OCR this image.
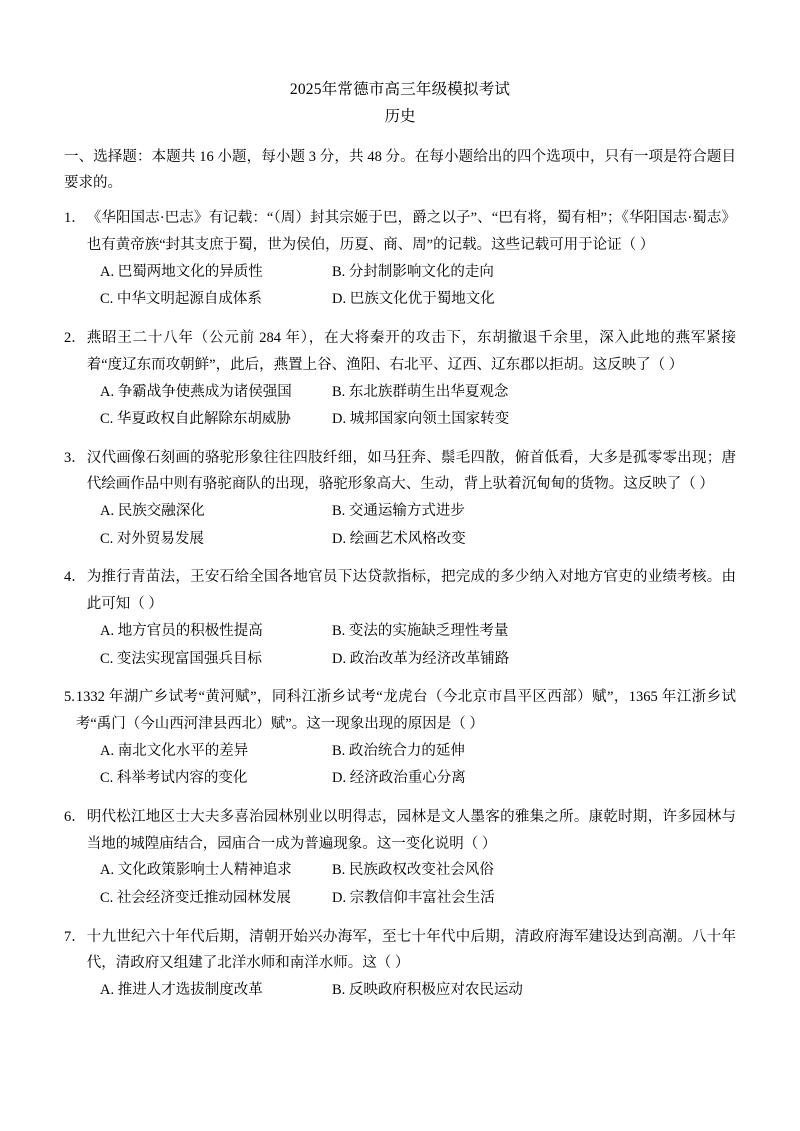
2025年常德市高三年级模拟考试
历史
一、选择题：本题共 16 小题，每小题 3 分，共 48 分。在每小题给出的四个选项中，只有一项是符合题目要求的。
1． 《华阳国志·巴志》有记载：“（周）封其宗姬于巴，爵之以子”、“巴有将，蜀有相”；《华阳国志·蜀志》也有黄帝族“封其支庶于蜀，世为侯伯，历夏、商、周”的记载。这些记载可用于论证（ ）
A. 巴蜀两地文化的异质性	B. 分封制影响文化的走向
C. 中华文明起源自成体系	D. 巴族文化优于蜀地文化
2． 燕昭王二十八年（公元前 284 年），在大将秦开的攻击下，东胡撤退千余里，深入此地的燕军紧接着“度辽东而攻朝鲜”，此后，燕置上谷、渔阳、右北平、辽西、辽东郡以拒胡。这反映了（ ）
A. 争霸战争使燕成为诸侯强国	B. 东北族群萌生出华夏观念
C. 华夏政权自此解除东胡威胁	D. 城邦国家向领土国家转变
3． 汉代画像石刻画的骆驼形象往往四肢纤细，如马狂奔、鬃毛四散，俯首低看，大多是孤零零出现；唐代绘画作品中则有骆驼商队的出现，骆驼形象高大、生动，背上驮着沉甸甸的货物。这反映了（ ）
A. 民族交融深化	B. 交通运输方式进步
C. 对外贸易发展	D. 绘画艺术风格改变
4． 为推行青苗法，王安石给全国各地官员下达贷款指标，把完成的多少纳入对地方官吏的业绩考核。由此可知（ ）
A. 地方官员的积极性提高	B. 变法的实施缺乏理性考量
C. 变法实现富国强兵目标	D. 政治改革为经济改革铺路
5. 1332 年湖广乡试考“黄河赋”，同科江浙乡试考“龙虎台（今北京市昌平区西部）赋”，1365 年江浙乡试考“禹门（今山西河津县西北）赋”。这一现象出现的原因是（ ）
A. 南北文化水平的差异	B. 政治统合力的延伸
C. 科举考试内容的变化	D. 经济政治重心分离
6． 明代松江地区士大夫多喜治园林别业以明得志，园林是文人墨客的雅集之所。康乾时期，许多园林与当地的城隍庙结合，园庙合一成为普遍现象。这一变化说明（ ）
A. 文化政策影响士人精神追求	B. 民族政权改变社会风俗
C. 社会经济变迁推动园林发展	D. 宗教信仰丰富社会生活
7． 十九世纪六十年代后期，清朝开始兴办海军，至七十年代中后期，清政府海军建设达到高潮。八十年代，清政府又组建了北洋水师和南洋水师。这（ ）
A. 推进人才选拔制度改革	B. 反映政府积极应对农民运动
